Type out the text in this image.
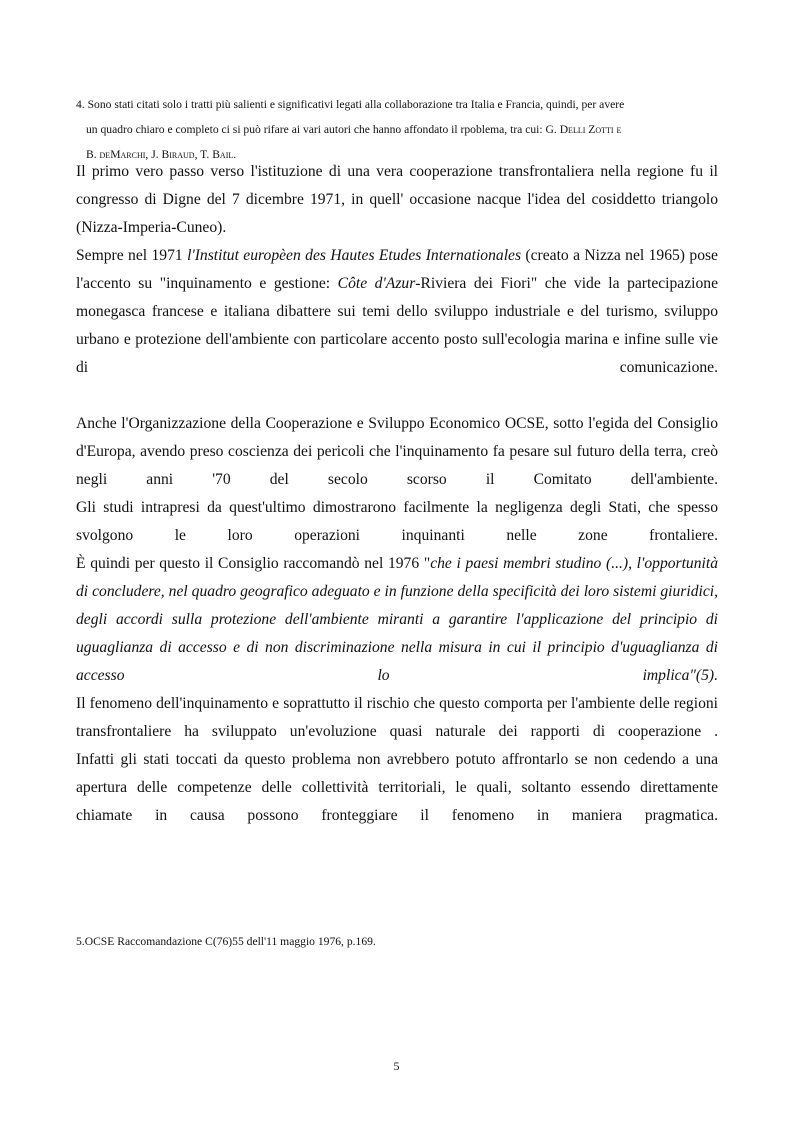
4. Sono stati citati solo i tratti più salienti e significativi legati alla collaborazione tra Italia e Francia, quindi, per avere
un quadro chiaro e completo ci si può rifare ai vari autori che hanno affondato il rpoblema, tra cui: G. Delli Zotti e
B. deMarchi, J. Biraud, T. Bail.

Il primo vero passo verso l'istituzione di una vera cooperazione transfrontaliera nella regione fu il congresso di Digne del 7 dicembre 1971, in quell' occasione nacque l'idea del cosiddetto triangolo (Nizza-Imperia-Cuneo).

Sempre nel 1971 l'Institut europèen des Hautes Etudes Internationales (creato a Nizza nel 1965) pose l'accento su "inquinamento e gestione: Côte d'Azur-Riviera dei Fiori" che vide la partecipazione monegasca francese e italiana dibattere sui temi dello sviluppo industriale e del turismo, sviluppo urbano e protezione dell'ambiente con particolare accento posto sull'ecologia marina e infine sulle vie di comunicazione.

Anche l'Organizzazione della Cooperazione e Sviluppo Economico OCSE, sotto l'egida del Consiglio d'Europa, avendo preso coscienza dei pericoli che l'inquinamento fa pesare sul futuro della terra, creò negli anni '70 del secolo scorso il Comitato dell'ambiente.

Gli studi intrapresi da quest'ultimo dimostrarono facilmente la negligenza degli Stati, che spesso svolgono le loro operazioni inquinanti nelle zone frontaliere.

È quindi per questo il Consiglio raccomandò nel 1976 "che i paesi membri studino (...), l'opportunità di concludere, nel quadro geografico adeguato e in funzione della specificità dei loro sistemi giuridici, degli accordi sulla protezione dell'ambiente miranti a garantire l'applicazione del principio di uguaglianza di accesso e di non discriminazione nella misura in cui il principio d'uguaglianza di accesso lo implica"(5).

Il fenomeno dell'inquinamento e soprattutto il rischio che questo comporta per l'ambiente delle regioni transfrontaliere ha sviluppato un'evoluzione quasi naturale dei rapporti di cooperazione .

Infatti gli stati toccati da questo problema non avrebbero potuto affrontarlo se non cedendo a una apertura delle competenze delle collettività territoriali, le quali, soltanto essendo direttamente chiamate in causa possono fronteggiare il fenomeno in maniera pragmatica.

5.OCSE Raccomandazione C(76)55 dell'11 maggio 1976, p.169.
5
